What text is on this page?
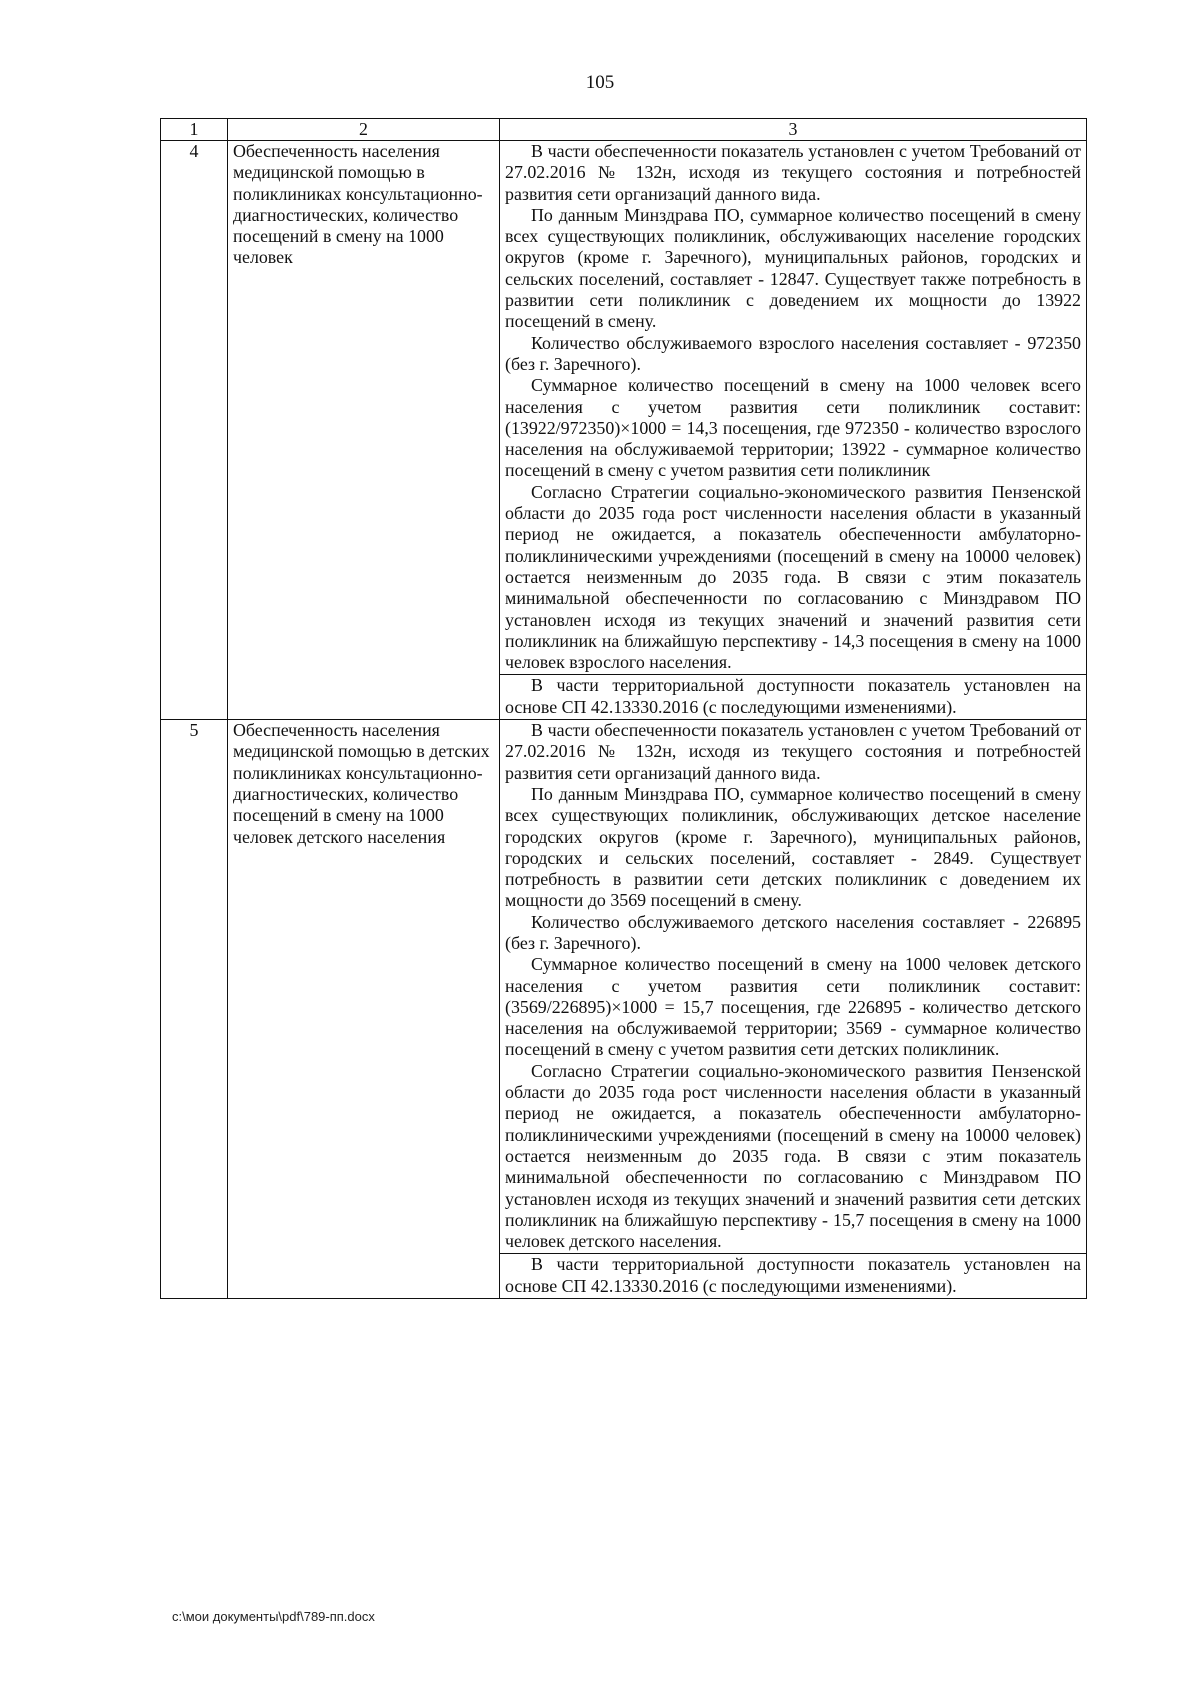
105
1	2	3
4	Обеспеченность населения медицинской помощью в поликлиниках консультационно-диагностических, количество посещений в смену на 1000 человек	В части обеспеченности показатель установлен с учетом Требований от 27.02.2016 № 132н, исходя из текущего состояния и потребностей развития сети организаций данного вида.

По данным Минздрава ПО, суммарное количество посещений в смену всех существующих поликлиник, обслуживающих население городских округов (кроме г. Заречного), муниципальных районов, городских и сельских поселений, составляет - 12847. Существует также потребность в развитии сети поликлиник с доведением их мощности до 13922 посещений в смену.

Количество обслуживаемого взрослого населения составляет - 972350 (без г. Заречного).

Суммарное количество посещений в смену на 1000 человек всего населения с учетом развития сети поликлиник составит: (13922/972350)×1000 = 14,3 посещения, где 972350 - количество взрослого населения на обслуживаемой территории; 13922 - суммарное количество посещений в смену с учетом развития сети поликлиник

Согласно Стратегии социально-экономического развития Пензенской области до 2035 года рост численности населения области в указанный период не ожидается, а показатель обеспеченности амбулаторно-поликлиническими учреждениями (посещений в смену на 10000 человек) остается неизменным до 2035 года. В связи с этим показатель минимальной обеспеченности по согласованию с Минздравом ПО установлен исходя из текущих значений и значений развития сети поликлиник на ближайшую перспективу - 14,3 посещения в смену на 1000 человек взрослого населения.

		В части территориальной доступности показатель установлен на основе СП 42.13330.2016 (с последующими изменениями).

5	Обеспеченность населения медицинской помощью в детских поликлиниках консультационно-диагностических, количество посещений в смену на 1000 человек детского населения	В части обеспеченности показатель установлен с учетом Требований от 27.02.2016 № 132н, исходя из текущего состояния и потребностей развития сети организаций данного вида.

По данным Минздрава ПО, суммарное количество посещений в смену всех существующих поликлиник, обслуживающих детское население городских округов (кроме г. Заречного), муниципальных районов, городских и сельских поселений, составляет - 2849. Существует потребность в развитии сети детских поликлиник с доведением их мощности до 3569 посещений в смену.

Количество обслуживаемого детского населения составляет - 226895 (без г. Заречного).

Суммарное количество посещений в смену на 1000 человек детского населения с учетом развития сети поликлиник составит: (3569/226895)×1000 = 15,7 посещения, где 226895 - количество детского населения на обслуживаемой территории; 3569 - суммарное количество посещений в смену с учетом развития сети детских поликлиник.

Согласно Стратегии социально-экономического развития Пензенской области до 2035 года рост численности населения области в указанный период не ожидается, а показатель обеспеченности амбулаторно-поликлиническими учреждениями (посещений в смену на 10000 человек) остается неизменным до 2035 года. В связи с этим показатель минимальной обеспеченности по согласованию с Минздравом ПО установлен исходя из текущих значений и значений развития сети детских поликлиник на ближайшую перспективу - 15,7 посещения в смену на 1000 человек детского населения.

		В части территориальной доступности показатель установлен на основе СП 42.13330.2016 (с последующими изменениями).

c:\мои документы\pdf\789-пп.docx
